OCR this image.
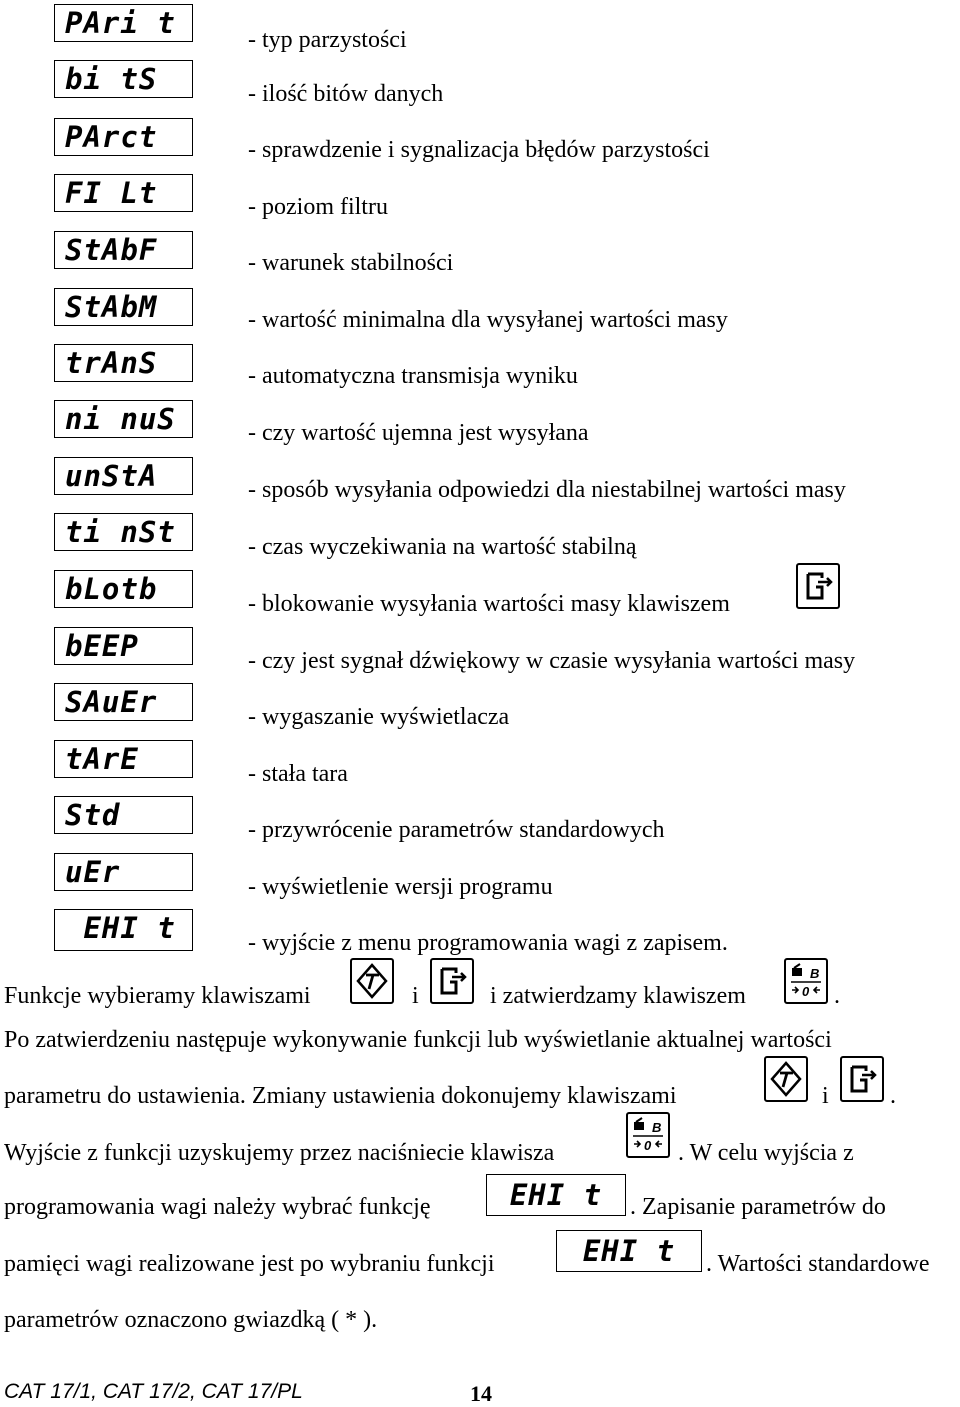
PAri t	- typ parzystości
bi tS	- ilość bitów danych
PArct	- sprawdzenie i sygnalizacja błędów parzystości
FI Lt	- poziom filtru
StAbF	- warunek stabilności
StAbM	- wartość minimalna dla wysyłanej wartości masy
trAnS	- automatyczna transmisja wyniku
ni nuS	- czy wartość ujemna jest wysyłana
unStA	- sposób wysyłania odpowiedzi dla niestabilnej wartości masy
ti nSt	- czas wyczekiwania na wartość stabilną
bLotb	- blokowanie wysyłania wartości masy klawiszem
bEEP	- czy jest sygnał dźwiękowy w czasie wysyłania wartości masy
SAuEr	- wygaszanie wyświetlacza
tArE	- stała tara
Std	- przywrócenie parametrów standardowych
uEr	- wyświetlenie wersji programu
EHI t	- wyjście z menu programowania wagi z zapisem.
Funkcje wybieramy klawiszami	i	i zatwierdzamy klawiszem
B
0 .
Po zatwierdzeniu następuje wykonywanie funkcji lub wyświetlanie aktualnej wartości
parametru do ustawienia. Zmiany ustawienia dokonujemy klawiszami	i	.
Wyjście z funkcji uzyskujemy przez naciśniecie klawisza
B
0 . W celu wyjścia z
programowania wagi należy wybrać funkcję	EHI t	. Zapisanie parametrów do
pamięci wagi realizowane jest po wybraniu funkcji	EHI t	. Wartości standardowe
parametrów oznaczono gwiazdką ( * ).
CAT 17/1, CAT 17/2, CAT 17/PL	14
